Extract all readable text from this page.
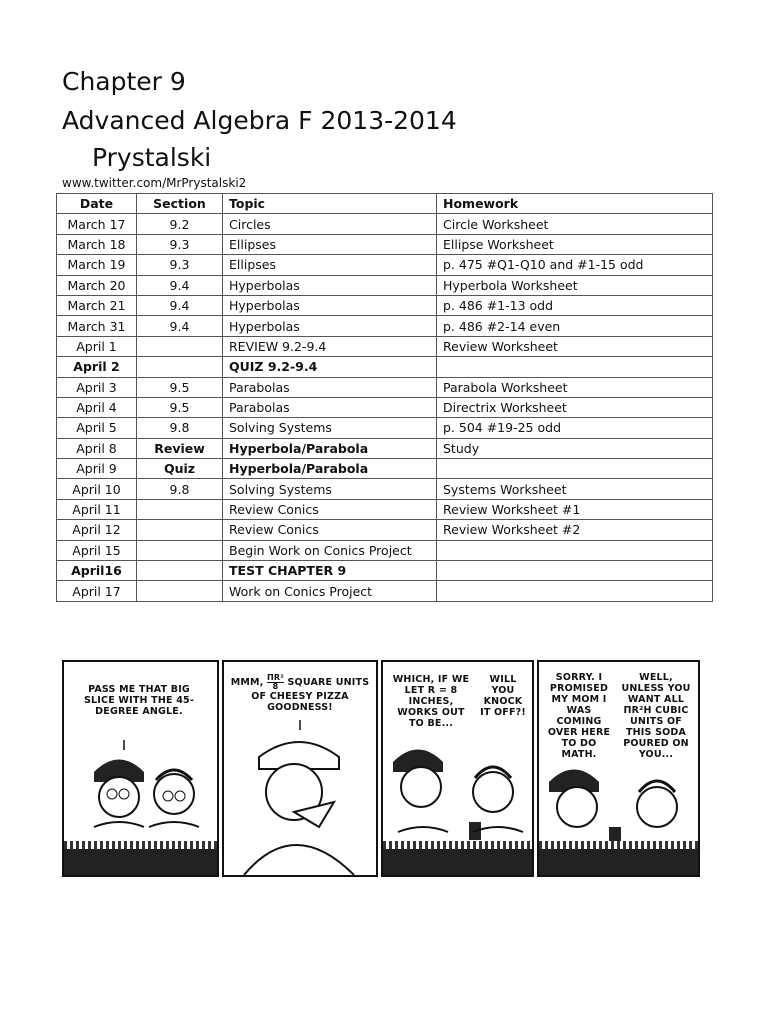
Chapter 9
Advanced Algebra F 2013-2014
Prystalski
www.twitter.com/MrPrystalski2
Date	Section	Topic	Homework
March 17	9.2	Circles	Circle Worksheet
March 18	9.3	Ellipses	Ellipse Worksheet
March 19	9.3	Ellipses	p. 475 #Q1-Q10 and #1-15 odd
March 20	9.4	Hyperbolas	Hyperbola Worksheet
March 21	9.4	Hyperbolas	p. 486 #1-13 odd
March 31	9.4	Hyperbolas	p. 486 #2-14 even
April 1		REVIEW 9.2-9.4	Review Worksheet
April 2		QUIZ 9.2-9.4	
April 3	9.5	Parabolas	Parabola Worksheet
April 4	9.5	Parabolas	Directrix Worksheet
April 5	9.8	Solving Systems	p. 504 #19-25 odd
April 8	Review	Hyperbola/Parabola	Study
April 9	Quiz	Hyperbola/Parabola	
April 10	9.8	Solving Systems	Systems Worksheet
April 11		Review Conics	Review Worksheet #1
April 12		Review Conics	Review Worksheet #2
April 15		Begin Work on Conics Project	
April16		TEST CHAPTER 9	
April 17		Work on Conics Project	
PASS ME THAT BIG SLICE WITH THE 45-DEGREE ANGLE.
MMM, $\frac{\text{ΠR²}}{8}$ SQUARE UNITS OF CHEESY PIZZA GOODNESS!
WHICH, IF WE LET R = 8 INCHES, WORKS OUT TO BE...
WILL YOU KNOCK IT OFF?!
SORRY. I PROMISED MY MOM I WAS COMING OVER HERE TO DO MATH.
WELL, UNLESS YOU WANT ALL ΠR²H CUBIC UNITS OF THIS SODA POURED ON YOU...
